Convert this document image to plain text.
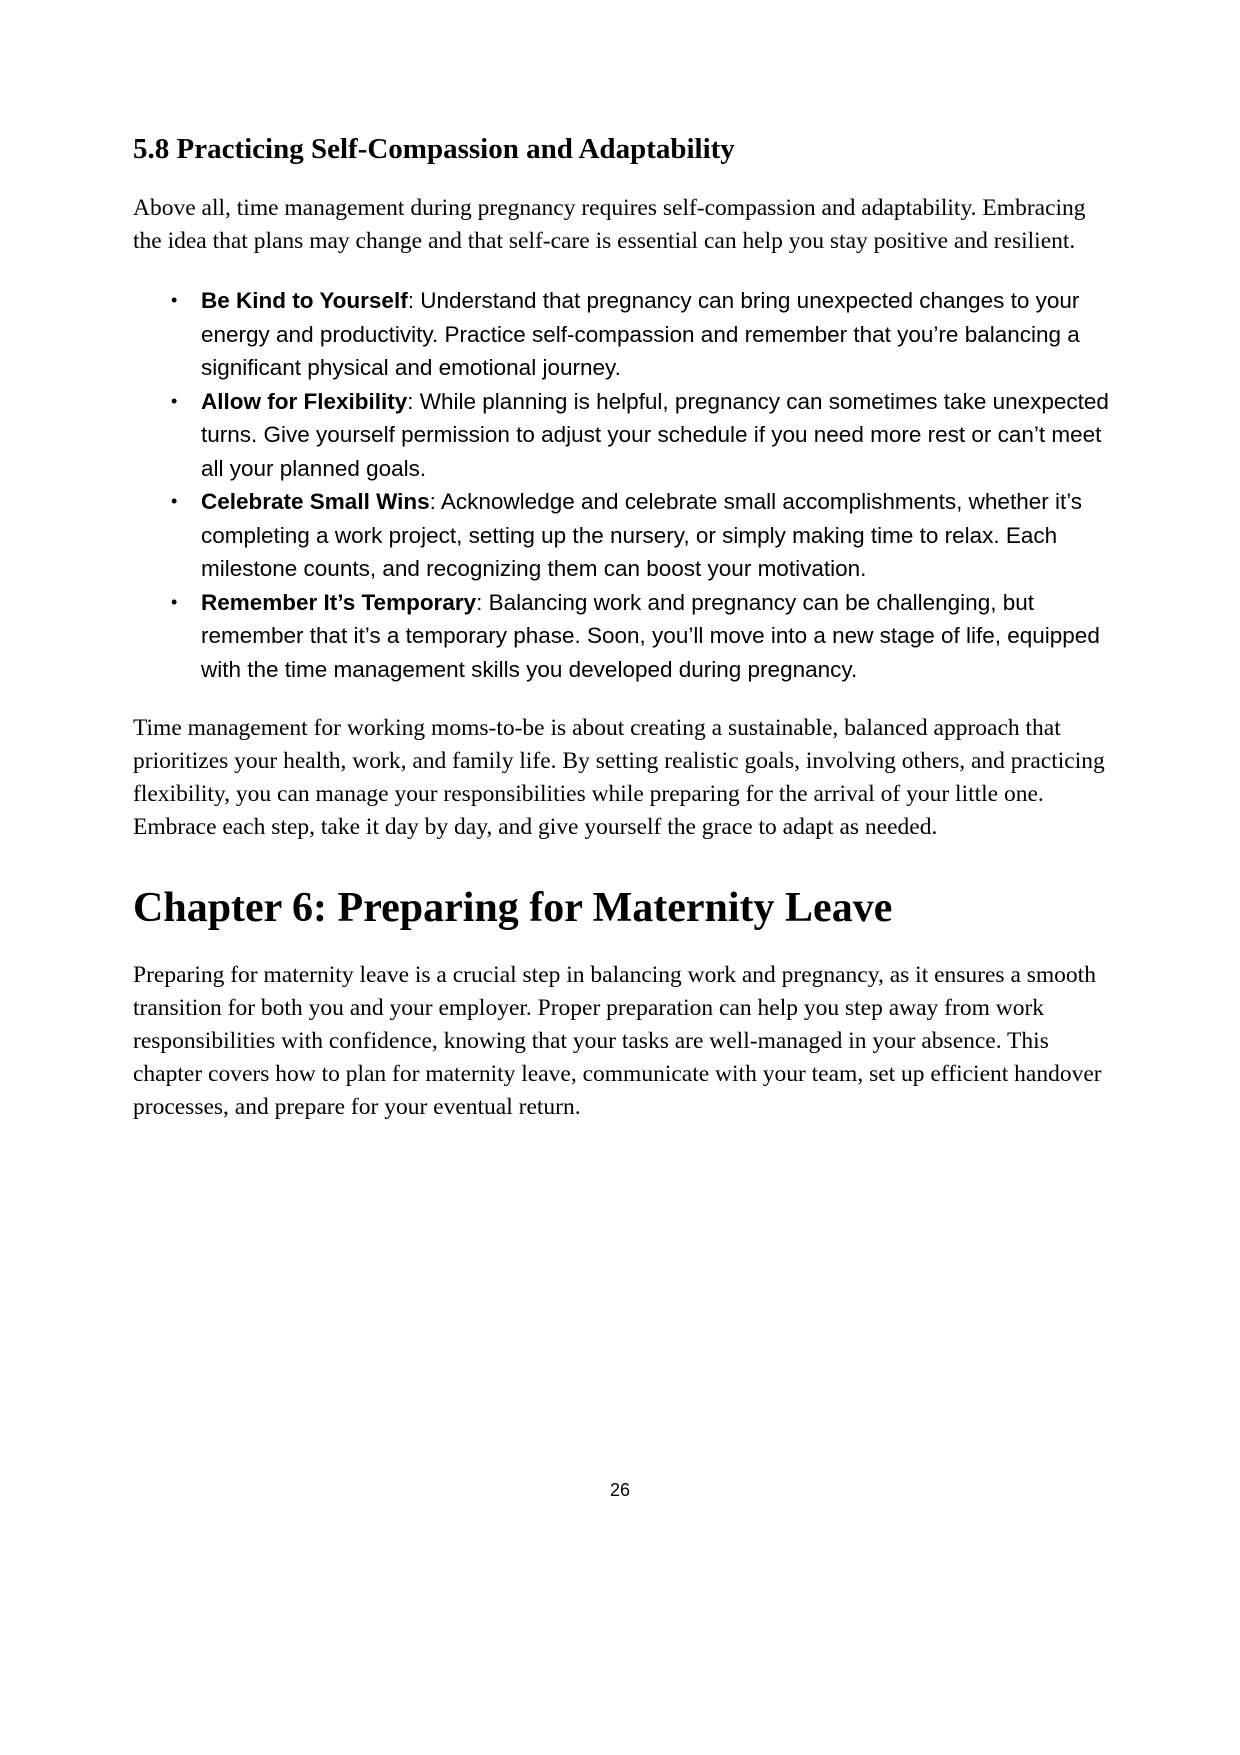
5.8 Practicing Self-Compassion and Adaptability

Above all, time management during pregnancy requires self-compassion and adaptability. Embracing the idea that plans may change and that self-care is essential can help you stay positive and resilient.

• Be Kind to Yourself: Understand that pregnancy can bring unexpected changes to your energy and productivity. Practice self-compassion and remember that you’re balancing a significant physical and emotional journey.
• Allow for Flexibility: While planning is helpful, pregnancy can sometimes take unexpected turns. Give yourself permission to adjust your schedule if you need more rest or can’t meet all your planned goals.
• Celebrate Small Wins: Acknowledge and celebrate small accomplishments, whether it’s completing a work project, setting up the nursery, or simply making time to relax. Each milestone counts, and recognizing them can boost your motivation.
• Remember It’s Temporary: Balancing work and pregnancy can be challenging, but remember that it’s a temporary phase. Soon, you’ll move into a new stage of life, equipped with the time management skills you developed during pregnancy.

Time management for working moms-to-be is about creating a sustainable, balanced approach that prioritizes your health, work, and family life. By setting realistic goals, involving others, and practicing flexibility, you can manage your responsibilities while preparing for the arrival of your little one. Embrace each step, take it day by day, and give yourself the grace to adapt as needed.

Chapter 6: Preparing for Maternity Leave

Preparing for maternity leave is a crucial step in balancing work and pregnancy, as it ensures a smooth transition for both you and your employer. Proper preparation can help you step away from work responsibilities with confidence, knowing that your tasks are well-managed in your absence. This chapter covers how to plan for maternity leave, communicate with your team, set up efficient handover processes, and prepare for your eventual return.

26
